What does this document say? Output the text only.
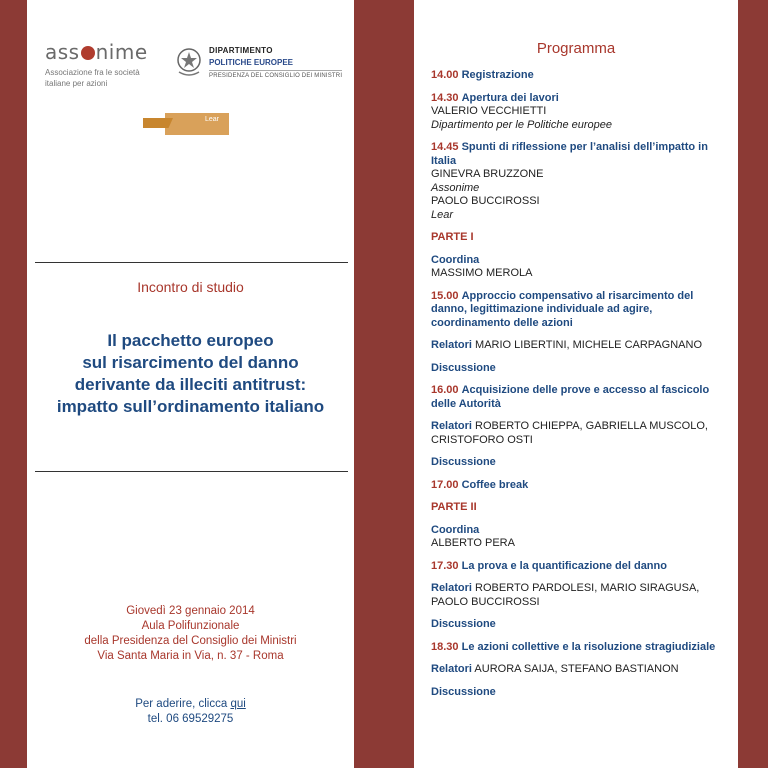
ass nime
Associazione fra le società
italiane per azioni
DIPARTIMENTO
POLITICHE EUROPEE
PRESIDENZA DEL CONSIGLIO DEI MINISTRI
Lear
Incontro di studio
Il pacchetto europeo
sul risarcimento del danno
derivante da illeciti antitrust:
impatto sull’ordinamento italiano
Giovedì 23 gennaio 2014
Aula Polifunzionale
della Presidenza del Consiglio dei Ministri
Via Santa Maria in Via, n. 37 - Roma
Per aderire, clicca qui
tel. 06 69529275
Programma
14.00 Registrazione
14.30 Apertura dei lavori
VALERIO VECCHIETTI
Dipartimento per le Politiche europee
14.45 Spunti di riflessione per l’analisi dell’impatto in Italia
GINEVRA BRUZZONE
Assonime
PAOLO BUCCIROSSI
Lear
PARTE I
Coordina
MASSIMO MEROLA
15.00 Approccio compensativo al risarcimento del danno, legittimazione individuale ad agire, coordinamento delle azioni
Relatori MARIO LIBERTINI, MICHELE CARPAGNANO
Discussione
16.00 Acquisizione delle prove e accesso al fascicolo delle Autorità
Relatori ROBERTO CHIEPPA, GABRIELLA MUSCOLO, CRISTOFORO OSTI
Discussione
17.00 Coffee break
PARTE II
Coordina
ALBERTO PERA
17.30 La prova e la quantificazione del danno
Relatori ROBERTO PARDOLESI, MARIO SIRAGUSA, PAOLO BUCCIROSSI
Discussione
18.30 Le azioni collettive e la risoluzione stragiudiziale
Relatori AURORA SAIJA, STEFANO BASTIANON
Discussione
